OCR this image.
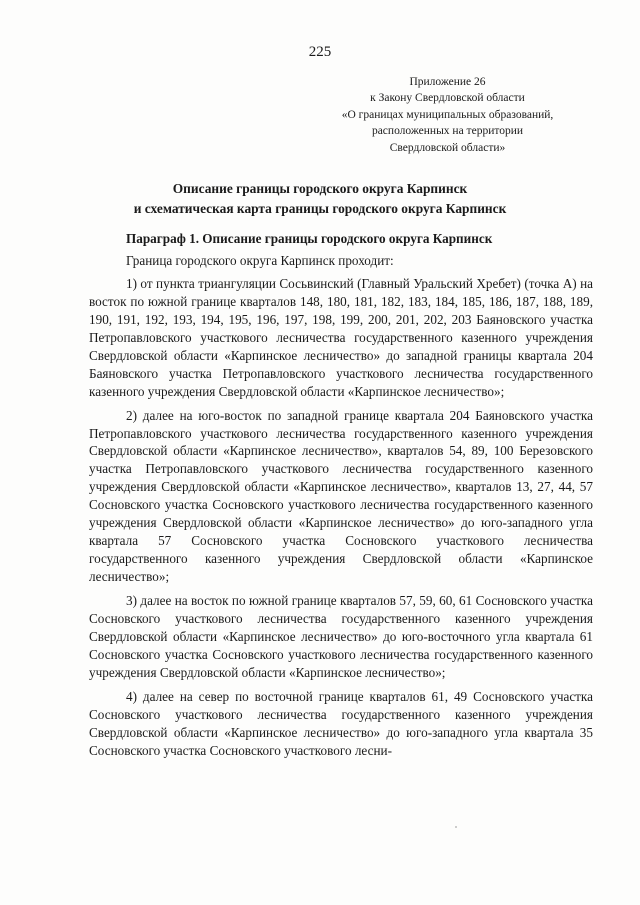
225
Приложение 26
к Закону Свердловской области
«О границах муниципальных образований,
расположенных на территории
Свердловской области»
Описание границы городского округа Карпинск
и схематическая карта границы городского округа Карпинск

Параграф 1. Описание границы городского округа Карпинск

Граница городского округа Карпинск проходит:

1) от пункта триангуляции Сосьвинский (Главный Уральский Хребет) (точка А) на восток по южной границе кварталов 148, 180, 181, 182, 183, 184, 185, 186, 187, 188, 189, 190, 191, 192, 193, 194, 195, 196, 197, 198, 199, 200, 201, 202, 203 Баяновского участка Петропавловского участкового лесничества государственного казенного учреждения Свердловской области «Карпинское лесничество» до западной границы квартала 204 Баяновского участка Петропавловского участкового лесничества государственного казенного учреждения Свердловской области «Карпинское лесничество»;

2) далее на юго-восток по западной границе квартала 204 Баяновского участка Петропавловского участкового лесничества государственного казенного учреждения Свердловской области «Карпинское лесничество», кварталов 54, 89, 100 Березовского участка Петропавловского участкового лесничества государственного казенного учреждения Свердловской области «Карпинское лесничество», кварталов 13, 27, 44, 57 Сосновского участка Сосновского участкового лесничества государственного казенного учреждения Свердловской области «Карпинское лесничество» до юго-западного угла квартала 57 Сосновского участка Сосновского участкового лесничества государственного казенного учреждения Свердловской области «Карпинское лесничество»;

3) далее на восток по южной границе кварталов 57, 59, 60, 61 Сосновского участка Сосновского участкового лесничества государственного казенного учреждения Свердловской области «Карпинское лесничество» до юго-восточного угла квартала 61 Сосновского участка Сосновского участкового лесничества государственного казенного учреждения Свердловской области «Карпинское лесничество»;

4) далее на север по восточной границе кварталов 61, 49 Сосновского участка Сосновского участкового лесничества государственного казенного учреждения Свердловской области «Карпинское лесничество» до юго-западного угла квартала 35 Сосновского участка Сосновского участкового лесни-
